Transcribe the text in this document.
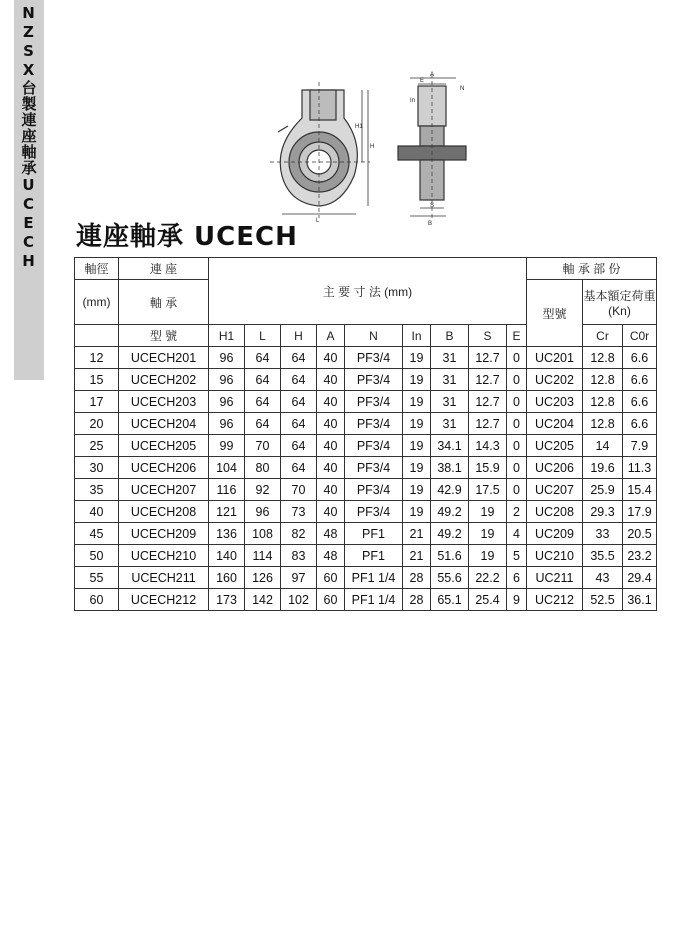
NZSX台製連座軸承UCECH	H1
H
L
N
A
E
In
B
S
連座軸承 UCECH
軸徑	連 座	主 要 寸 法 (mm)									軸 承 部 份		
(mm)	軸 承										型號	基本額定荷重
(Kn)	

	型 號	H1	L	H	A	N	In	B	S	E		Cr	C0r
12	UCECH201	96	64	64	40	PF3/4	19	31	12.7	0	UC201	12.8	6.6
15	UCECH202	96	64	64	40	PF3/4	19	31	12.7	0	UC202	12.8	6.6
17	UCECH203	96	64	64	40	PF3/4	19	31	12.7	0	UC203	12.8	6.6
20	UCECH204	96	64	64	40	PF3/4	19	31	12.7	0	UC204	12.8	6.6
25	UCECH205	99	70	64	40	PF3/4	19	34.1	14.3	0	UC205	14	7.9
30	UCECH206	104	80	64	40	PF3/4	19	38.1	15.9	0	UC206	19.6	11.3
35	UCECH207	116	92	70	40	PF3/4	19	42.9	17.5	0	UC207	25.9	15.4
40	UCECH208	121	96	73	40	PF3/4	19	49.2	19	2	UC208	29.3	17.9
45	UCECH209	136	108	82	48	PF1	21	49.2	19	4	UC209	33	20.5
50	UCECH210	140	114	83	48	PF1	21	51.6	19	5	UC210	35.5	23.2
55	UCECH211	160	126	97	60	PF1 1/4	28	55.6	22.2	6	UC211	43	29.4
60	UCECH212	173	142	102	60	PF1 1/4	28	65.1	25.4	9	UC212	52.5	36.1
